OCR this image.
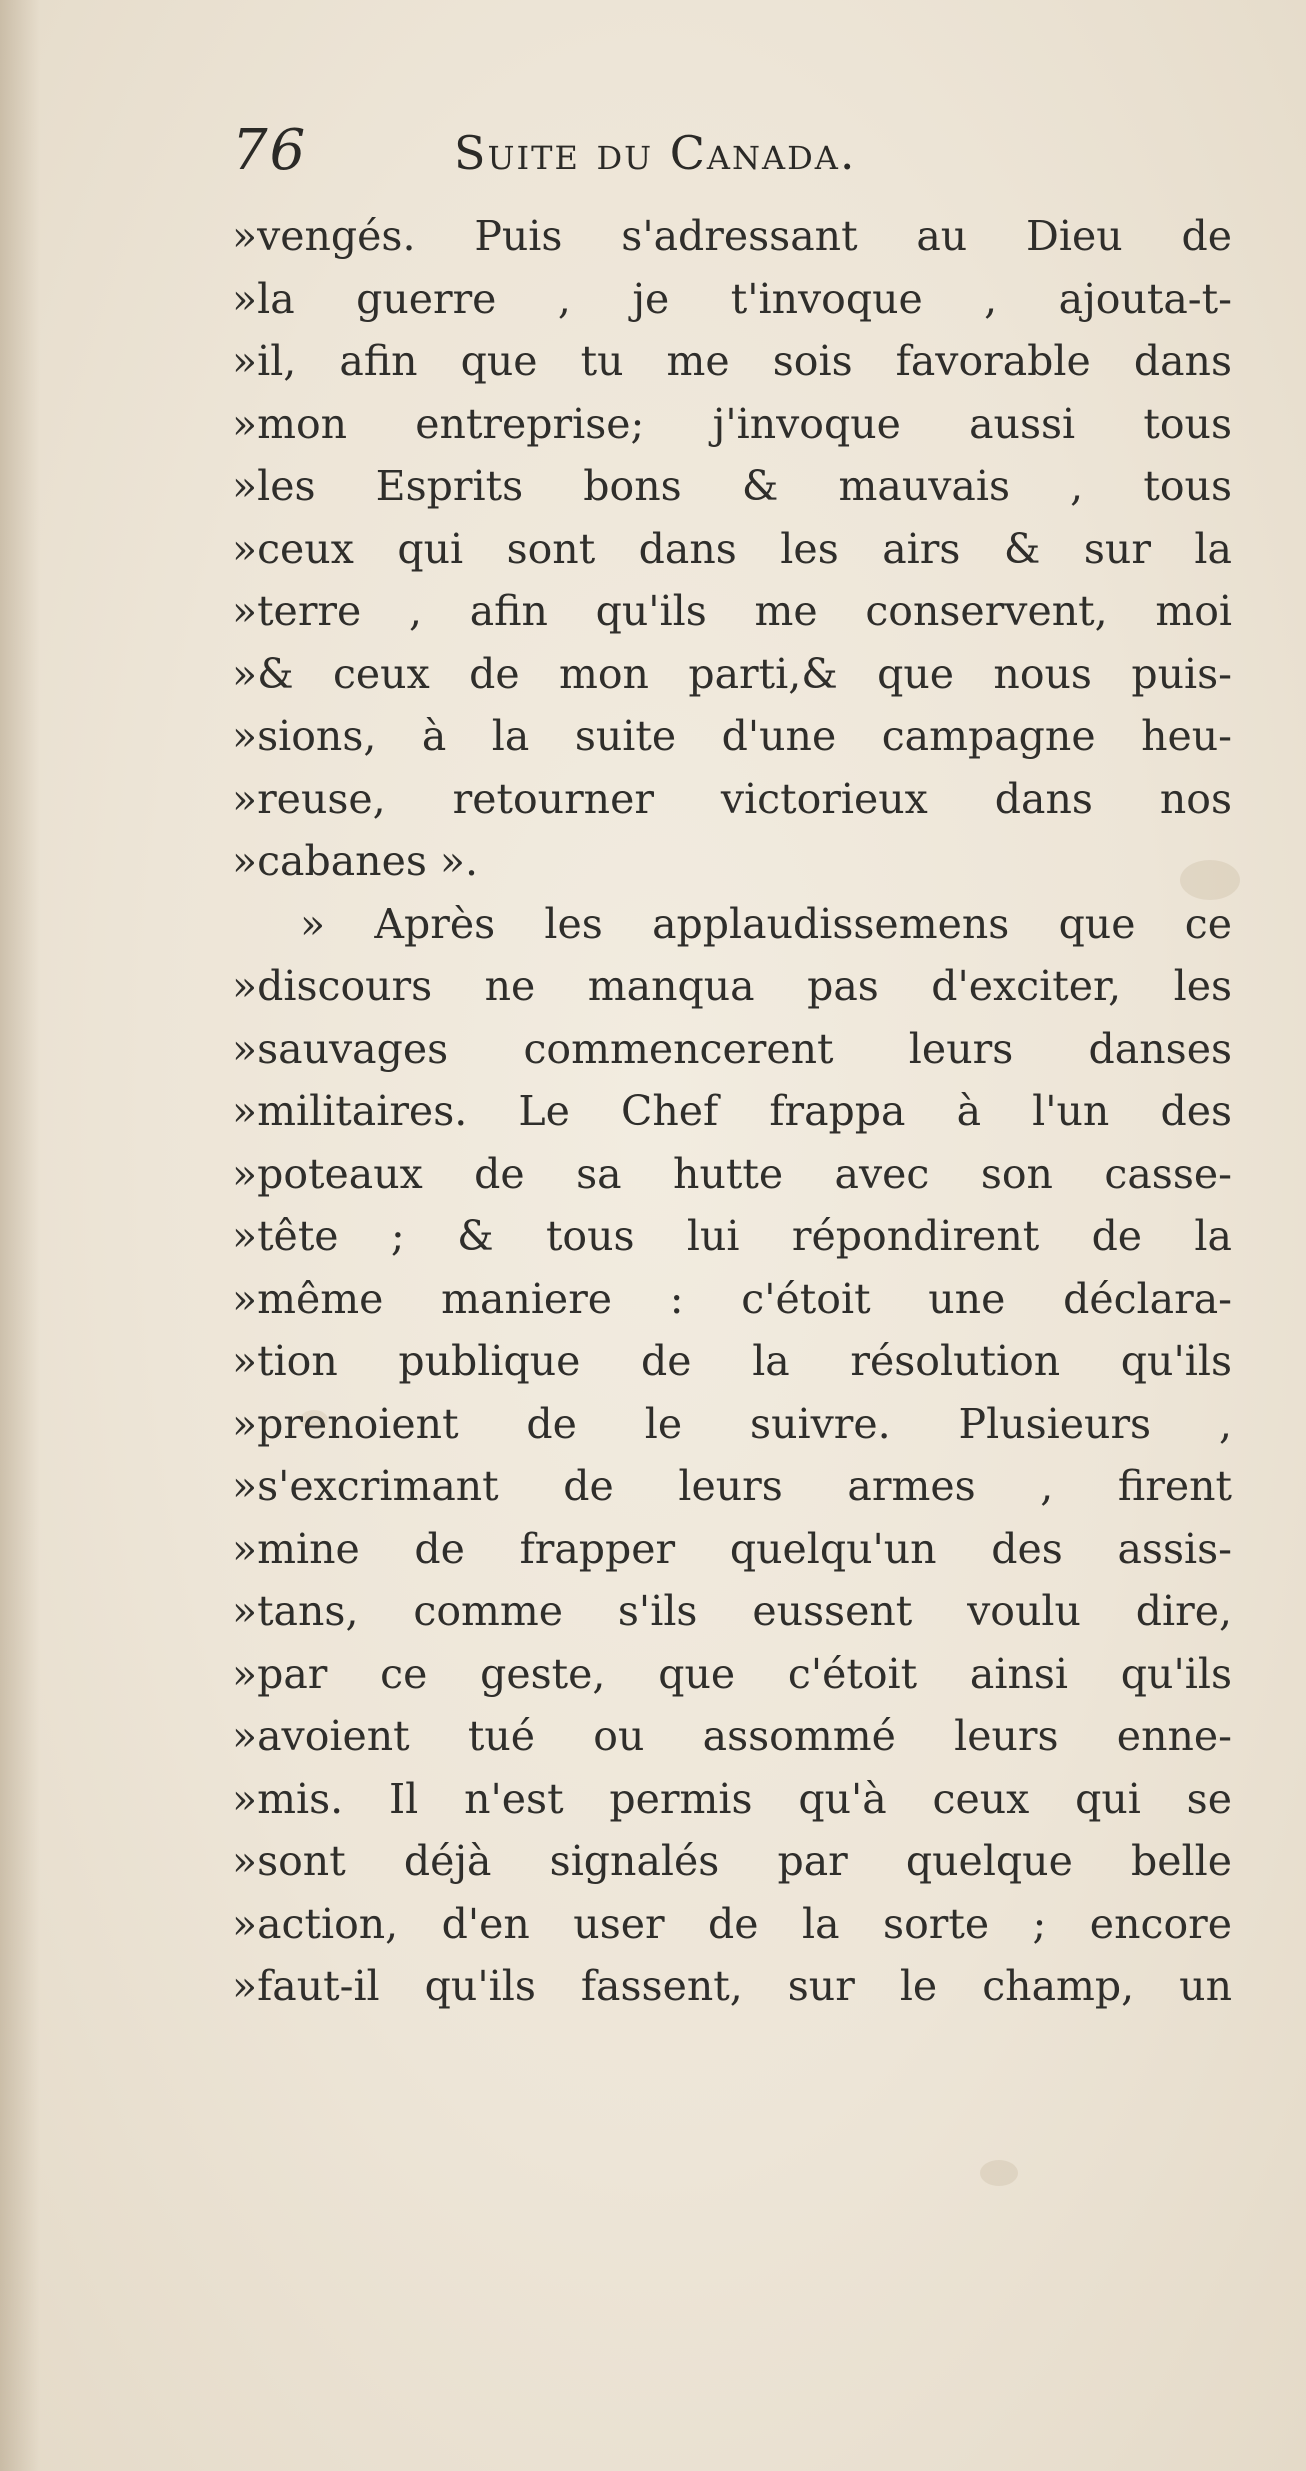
76	Suite du Canada.
»vengés. Puis s'adressant au Dieu de
»la guerre , je t'invoque , ajouta-t-
»il, afin que tu me sois favorable dans
»mon entreprise; j'invoque aussi tous
»les Esprits bons & mauvais , tous
»ceux qui sont dans les airs & sur la
»terre , afin qu'ils me conservent, moi
»& ceux de mon parti,& que nous puis-
»sions, à la suite d'une campagne heu-
»reuse, retourner victorieux dans nos
»cabanes ».
» Après les applaudissemens que ce
»discours ne manqua pas d'exciter, les
»sauvages commencerent leurs danses
»militaires. Le Chef frappa à l'un des
»poteaux de sa hutte avec son casse-
»tête ; & tous lui répondirent de la
»même maniere : c'étoit une déclara-
»tion publique de la résolution qu'ils
»prenoient de le suivre. Plusieurs ,
»s'excrimant de leurs armes , firent
»mine de frapper quelqu'un des assis-
»tans, comme s'ils eussent voulu dire,
»par ce geste, que c'étoit ainsi qu'ils
»avoient tué ou assommé leurs enne-
»mis. Il n'est permis qu'à ceux qui se
»sont déjà signalés par quelque belle
»action, d'en user de la sorte ; encore
»faut-il qu'ils fassent, sur le champ, un
